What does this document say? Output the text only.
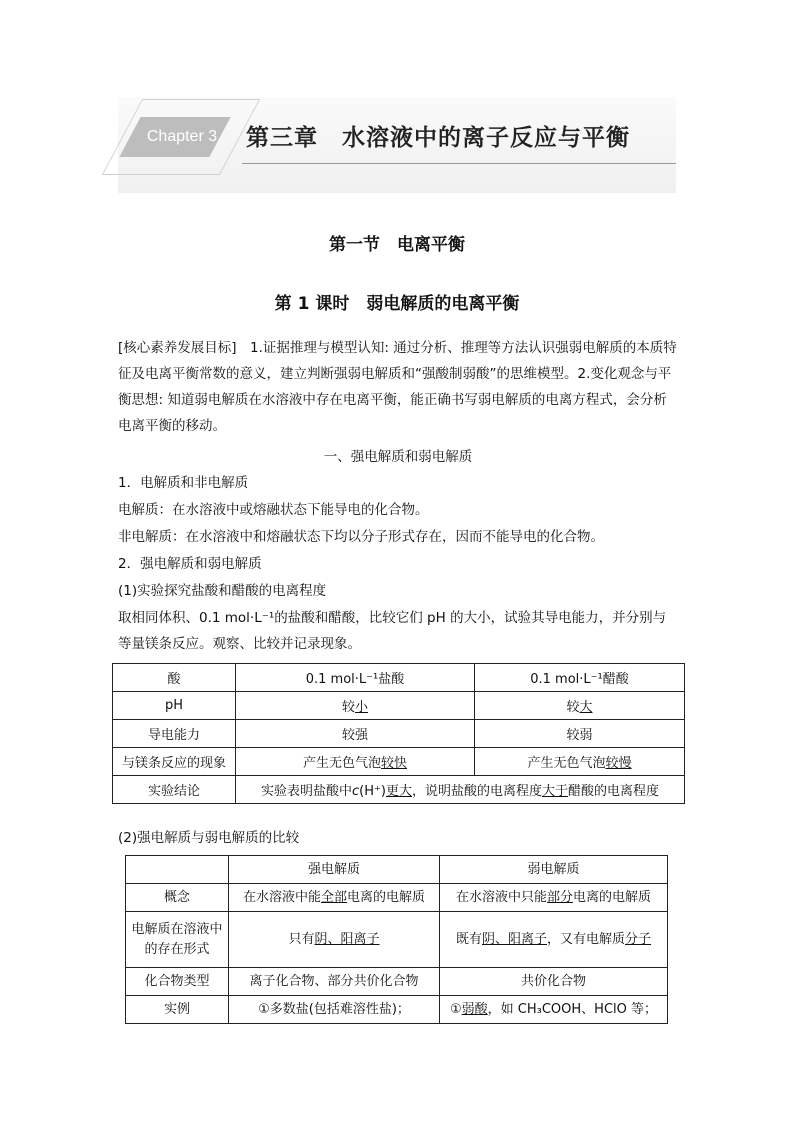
Chapter 3	第三章　水溶液中的离子反应与平衡
第一节　电离平衡
第 1 课时　弱电解质的电离平衡
[核心素养发展目标]　1.证据推理与模型认知: 通过分析、推理等方法认识强弱电解质的本质特征及电离平衡常数的意义，建立判断强弱电解质和“强酸制弱酸”的思维模型。2.变化观念与平衡思想: 知道弱电解质在水溶液中存在电离平衡，能正确书写弱电解质的电离方程式，会分析电离平衡的移动。
一、强电解质和弱电解质
1．电解质和非电解质
电解质：在水溶液中或熔融状态下能导电的化合物。
非电解质：在水溶液中和熔融状态下均以分子形式存在，因而不能导电的化合物。
2．强电解质和弱电解质
(1)实验探究盐酸和醋酸的电离程度
取相同体积、0.1 mol·L⁻¹的盐酸和醋酸，比较它们 pH 的大小，试验其导电能力，并分别与等量镁条反应。观察、比较并记录现象。
酸	0.1 mol·L⁻¹盐酸	0.1 mol·L⁻¹醋酸
pH	较小	较大
导电能力	较强	较弱
与镁条反应的现象	产生无色气泡较快	产生无色气泡较慢
实验结论	实验表明盐酸中c(H⁺)更大，说明盐酸的电离程度大于醋酸的电离程度	
(2)强电解质与弱电解质的比较
	强电解质	弱电解质
概念	在水溶液中能全部电离的电解质	在水溶液中只能部分电离的电解质
电解质在溶液中的存在形式	只有阴、阳离子	既有阴、阳离子，又有电解质分子
化合物类型	离子化合物、部分共价化合物	共价化合物
实例	①多数盐(包括难溶性盐)；	①弱酸，如 CH₃COOH、HClO 等；
